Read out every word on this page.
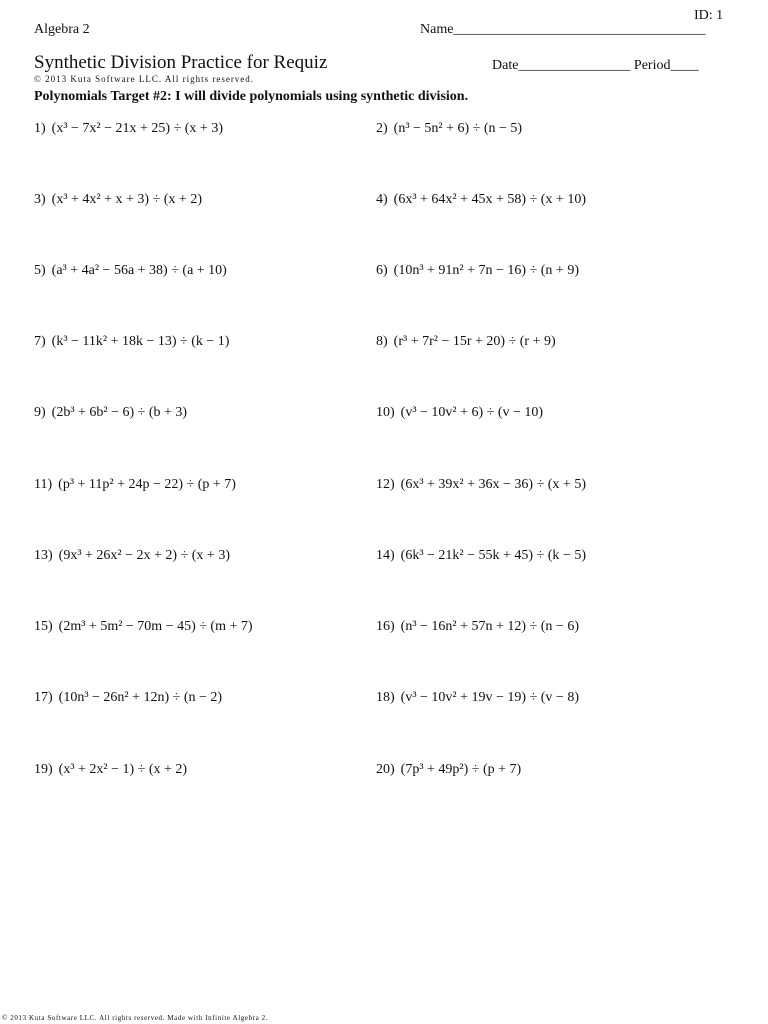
ID: 1
Algebra 2	Name____________________________________
Synthetic Division Practice for Requiz	Date________________ Period____
© 2013 Kuta Software LLC. All rights reserved.
Polynomials Target #2: I will divide polynomials using synthetic division.
1) (x³ − 7x² − 21x + 25) ÷ (x + 3)	2) (n³ − 5n² + 6) ÷ (n − 5)
3) (x³ + 4x² + x + 3) ÷ (x + 2)	4) (6x³ + 64x² + 45x + 58) ÷ (x + 10)
5) (a³ + 4a² − 56a + 38) ÷ (a + 10)	6) (10n³ + 91n² + 7n − 16) ÷ (n + 9)
7) (k³ − 11k² + 18k − 13) ÷ (k − 1)	8) (r³ + 7r² − 15r + 20) ÷ (r + 9)
9) (2b³ + 6b² − 6) ÷ (b + 3)	10) (v³ − 10v² + 6) ÷ (v − 10)
11) (p³ + 11p² + 24p − 22) ÷ (p + 7)	12) (6x³ + 39x² + 36x − 36) ÷ (x + 5)
13) (9x³ + 26x² − 2x + 2) ÷ (x + 3)	14) (6k³ − 21k² − 55k + 45) ÷ (k − 5)
15) (2m³ + 5m² − 70m − 45) ÷ (m + 7)	16) (n³ − 16n² + 57n + 12) ÷ (n − 6)
17) (10n³ − 26n² + 12n) ÷ (n − 2)	18) (v³ − 10v² + 19v − 19) ÷ (v − 8)
19) (x³ + 2x² − 1) ÷ (x + 2)	20) (7p³ + 49p²) ÷ (p + 7)
© 2013 Kuta Software LLC. All rights reserved. Made with Infinite Algebra 2.
